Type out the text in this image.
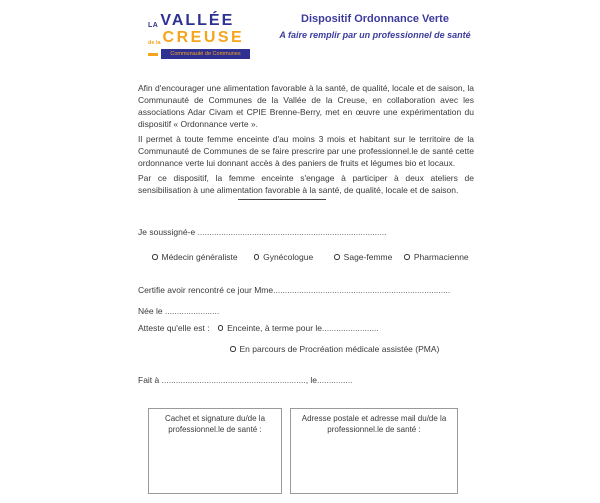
LA VALLÉE
de la CREUSE
Communauté de Communes
Dispositif Ordonnance Verte
A faire remplir par un professionnel de santé

Afin d'encourager une alimentation favorable à la santé, de qualité, locale et de saison, la Communauté de Communes de la Vallée de la Creuse, en collaboration avec les associations Adar Civam et CPIE Brenne-Berry, met en œuvre une expérimentation du dispositif « Ordonnance verte ».

Il permet à toute femme enceinte d'au moins 3 mois et habitant sur le territoire de la Communauté de Communes de se faire prescrire par une professionnel.le de santé cette ordonnance verte lui donnant accès à des paniers de fruits et légumes bio et locaux.

Par ce dispositif, la femme enceinte s'engage à participer à deux ateliers de sensibilisation à une alimentation favorable à la santé, de qualité, locale et de saison.

Je soussigné-e ................................................................................
Médecin généraliste	Gynécologue	Sage-femme	Pharmacienne
Certifie avoir rencontré ce jour Mme...........................................................................
Née le .......................
Atteste qu'elle est : Enceinte, à terme pour le ........................
En parcours de Procréation médicale assistée (PMA)
Fait à ............................................................., le...............
Cachet et signature du/de la professionnel.le de santé :
Adresse postale et adresse mail du/de la professionnel.le de santé :
